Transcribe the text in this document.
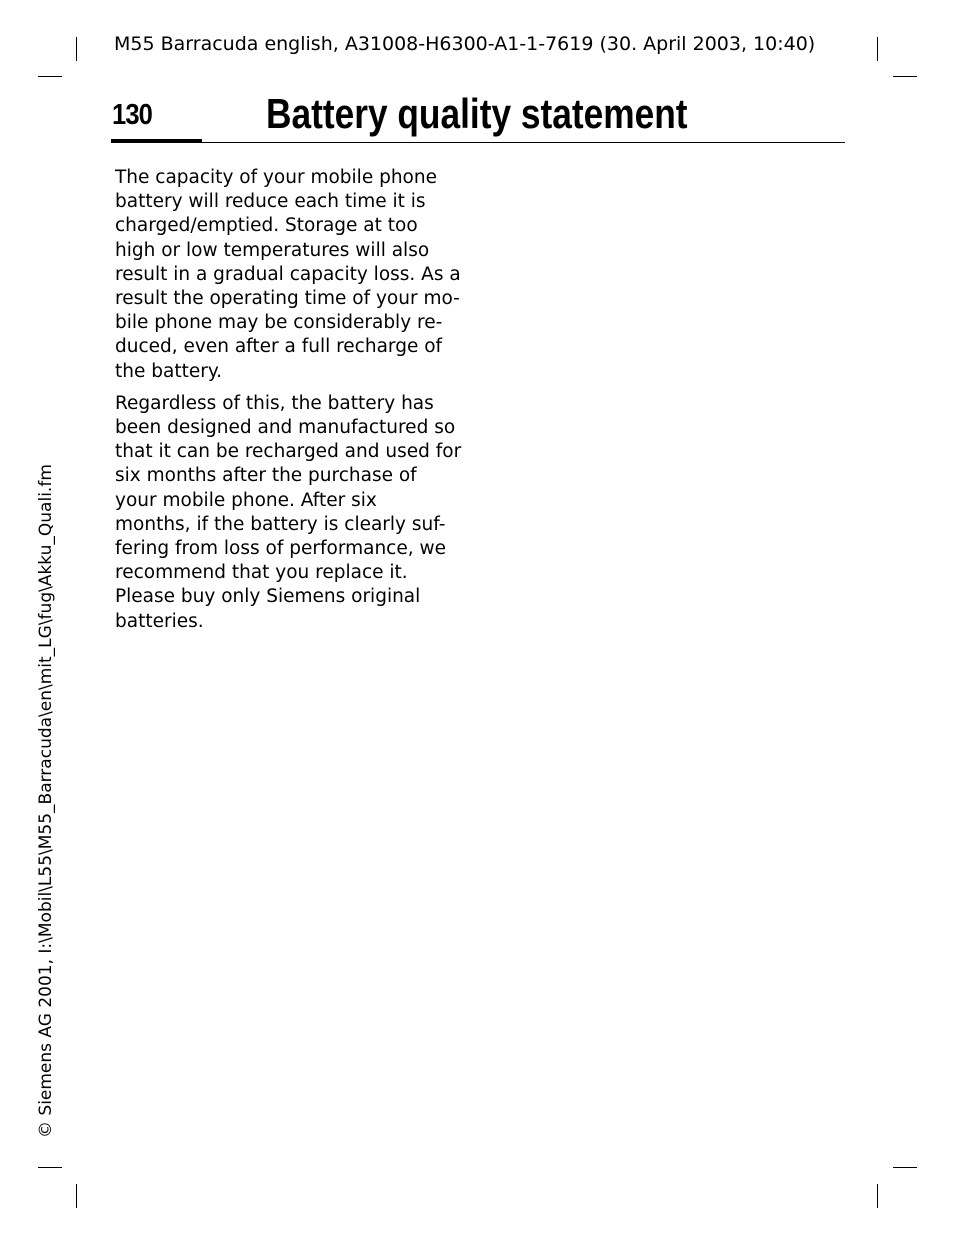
M55 Barracuda english, A31008-H6300-A1-1-7619 (30. April 2003, 10:40)
130	Battery quality statement

The capacity of your mobile phone
battery will reduce each time it is
charged/emptied. Storage at too
high or low temperatures will also
result in a gradual capacity loss. As a
result the operating time of your mo-
bile phone may be considerably re-
duced, even after a full recharge of
the battery.

Regardless of this, the battery has
been designed and manufactured so
that it can be recharged and used for
six months after the purchase of
your mobile phone. After six
months, if the battery is clearly suf-
fering from loss of performance, we
recommend that you replace it.
Please buy only Siemens original
batteries.

© Siemens AG 2001, I:\Mobil\L55\M55_Barracuda\en\mit_LG\fug\Akku_Quali.fm
